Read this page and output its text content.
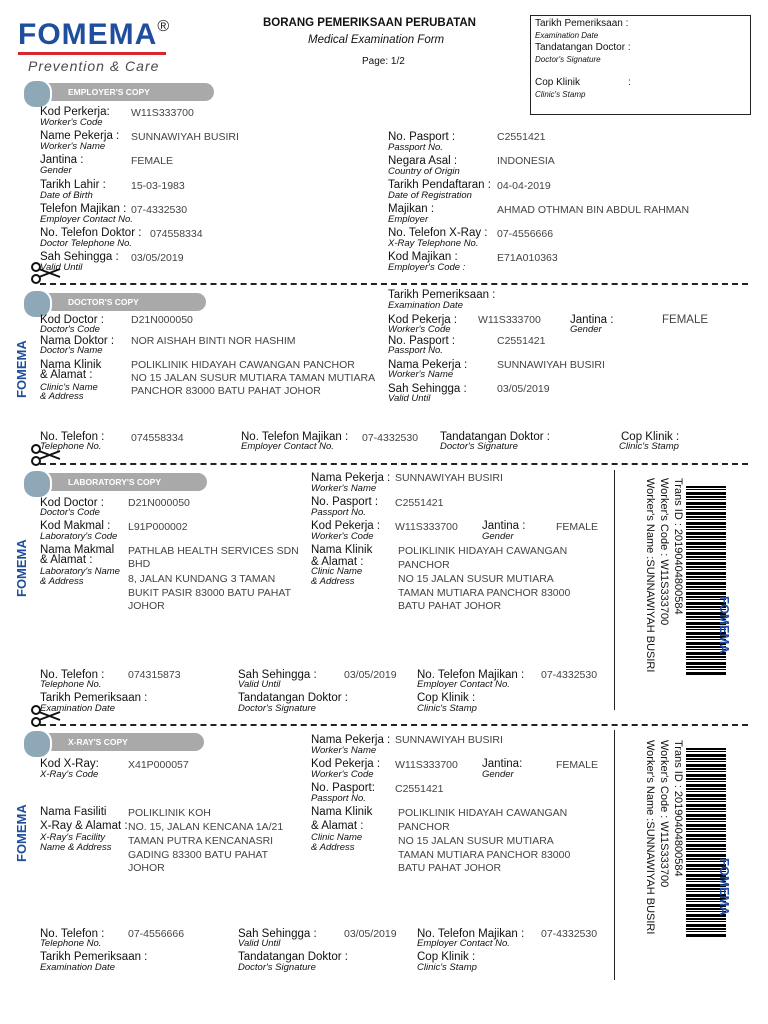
FOMEMA®
Prevention & Care
BORANG PEMERIKSAAN PERUBATAN
Medical Examination Form
Page: 1/2
Tarikh Pemeriksaan :
Examination Date
Tandatangan Doctor :
Doctor's Signature
Cop Klinik	:
Clinic's Stamp
EMPLOYER'S COPY
Kod Perkerja:
Worker's Code
W11S333700
Name Pekerja :
Worker's Name
SUNNAWIYAH BUSIRI
Jantina :
Gender
FEMALE
Tarikh Lahir :
Date of Birth
15-03-1983
Telefon Majikan :
Employer Contact No.
07-4332530
No. Telefon Doktor :
Doctor Telephone No.
074558334
Sah Sehingga :
Valid Until
03/05/2019
No. Pasport :
Passport No.
C2551421
Negara Asal :
Country of Origin
INDONESIA
Tarikh Pendaftaran :
Date of Registration
04-04-2019
Majikan :
Employer
AHMAD OTHMAN BIN ABDUL RAHMAN
No. Telefon X-Ray :
X-Ray Telephone No.
07-4556666
Kod Majikan :
Employer's Code :
E71A010363
DOCTOR'S COPY
FOMEMA
Tarikh Pemeriksaan :
Examination Date
Kod Doctor :
Doctor's Code
D21N000050
Nama Doktor :
Doctor's Name
NOR AISHAH BINTI NOR HASHIM
Nama Klinik
& Alamat :
Clinic's Name
& Address
POLIKLINIK HIDAYAH CAWANGAN PANCHOR
NO 15 JALAN SUSUR MUTIARA TAMAN MUTIARA
PANCHOR 83000 BATU PAHAT JOHOR
Kod Pekerja :
Worker's Code
W11S333700	Jantina :
Gender
FEMALE
No. Pasport :
Passport No.
C2551421
Nama Pekerja :
Worker's Name
SUNNAWIYAH BUSIRI
Sah Sehingga :
Valid Until
03/05/2019
No. Telefon :
Telephone No.
074558334	No. Telefon Majikan :
Employer Contact No.
07-4332530 Tandatangan Doktor :
Doctor's Signature
Cop Klinik :
Clinic's Stamp
LABORATORY'S COPY
FOMEMA
Kod Doctor :
Doctor's Code
D21N000050
Kod Makmal :
Laboratory's Code
L91P000002
Nama Makmal
& Alamat :
Laboratory's Name
& Address
PATHLAB HEALTH SERVICES SDN
BHD
8, JALAN KUNDANG 3 TAMAN
BUKIT PASIR 83000 BATU PAHAT
JOHOR
Nama Pekerja :
Worker's Name
SUNNAWIYAH BUSIRI
No. Pasport :
Passport No.
C2551421
Kod Pekerja :
Worker's Code
W11S333700 Jantina :
Gender
FEMALE
Nama Klinik
& Alamat :
Clinic Name
& Address
POLIKLINIK HIDAYAH CAWANGAN
PANCHOR
NO 15 JALAN SUSUR MUTIARA
TAMAN MUTIARA PANCHOR 83000
BATU PAHAT JOHOR
No. Telefon :
Telephone No.
074315873	Sah Sehingga :
Valid Until
03/05/2019 No. Telefon Majikan :
Employer Contact No.
07-4332530
Tarikh Pemeriksaan :
Examination Date
Tandatangan Doktor :
Doctor's Signature
Cop Klinik :
Clinic's Stamp
Trans ID : 20190404800584
Worker's Code : W11S333700
Worker's Name :SUNNAWIYAH BUSIRI	FOMEMA
X-RAY'S COPY
FOMEMA
Kod X-Ray:
X-Ray's Code
X41P000057
Nama Fasiliti
X-Ray & Alamat :
X-Ray's Facility
Name & Address
POLIKLINIK KOH
NO. 15, JALAN KENCANA 1A/21
TAMAN PUTRA KENCANASRI
GADING 83300 BATU PAHAT
JOHOR
Nama Pekerja :
Worker's Name
SUNNAWIYAH BUSIRI
Kod Pekerja :
Worker's Code
W11S333700 Jantina:
Gender
FEMALE
No. Pasport:
Passport No.
C2551421
Nama Klinik
& Alamat :
Clinic Name
& Address
POLIKLINIK HIDAYAH CAWANGAN
PANCHOR
NO 15 JALAN SUSUR MUTIARA
TAMAN MUTIARA PANCHOR 83000
BATU PAHAT JOHOR
No. Telefon :
Telephone No.
07-4556666	Sah Sehingga :
Valid Until
03/05/2019 No. Telefon Majikan :
Employer Contact No.
07-4332530
Tarikh Pemeriksaan :
Examination Date
Tandatangan Doktor :
Doctor's Signature
Cop Klinik :
Clinic's Stamp
Trans ID : 20190404800584
Worker's Code : W11S333700
Worker's Name :SUNNAWIYAH BUSIRI	FOMEMA
